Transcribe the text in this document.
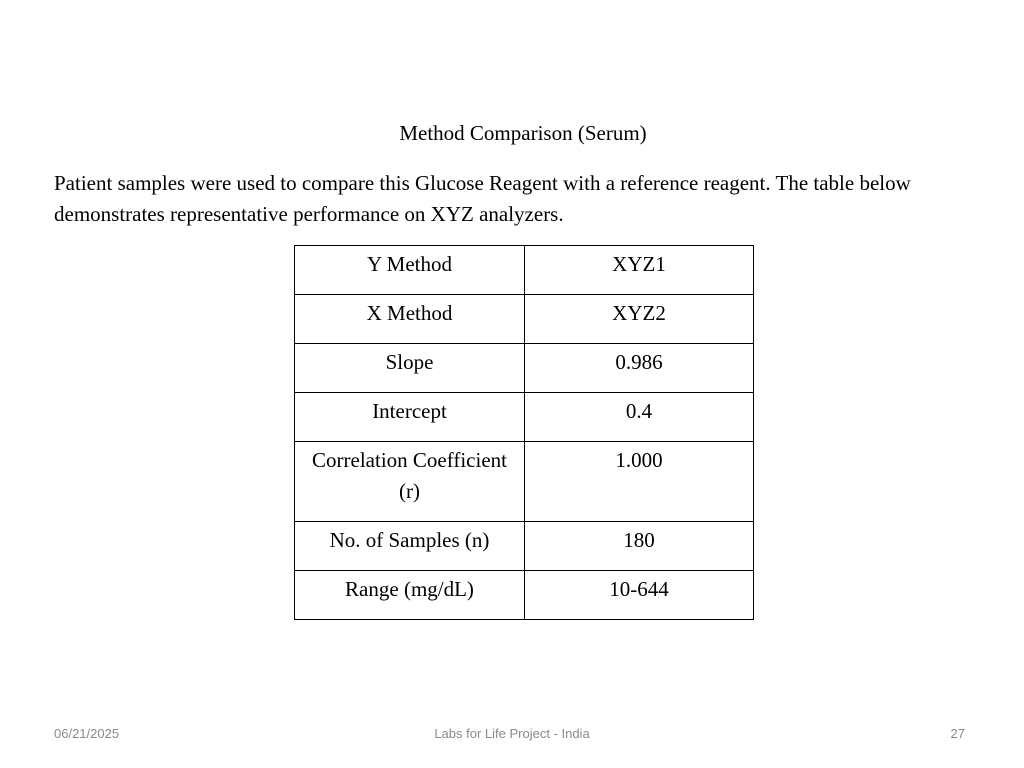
Method Comparison (Serum)
Patient samples were used to compare this Glucose Reagent with a reference reagent. The table below demonstrates representative performance on XYZ analyzers.
Y Method	XYZ1
X Method	XYZ2
Slope	0.986
Intercept	0.4
Correlation Coefficient (r)	1.000
No. of Samples (n)	180
Range (mg/dL)	10-644
06/21/2025	Labs for Life Project - India	27
